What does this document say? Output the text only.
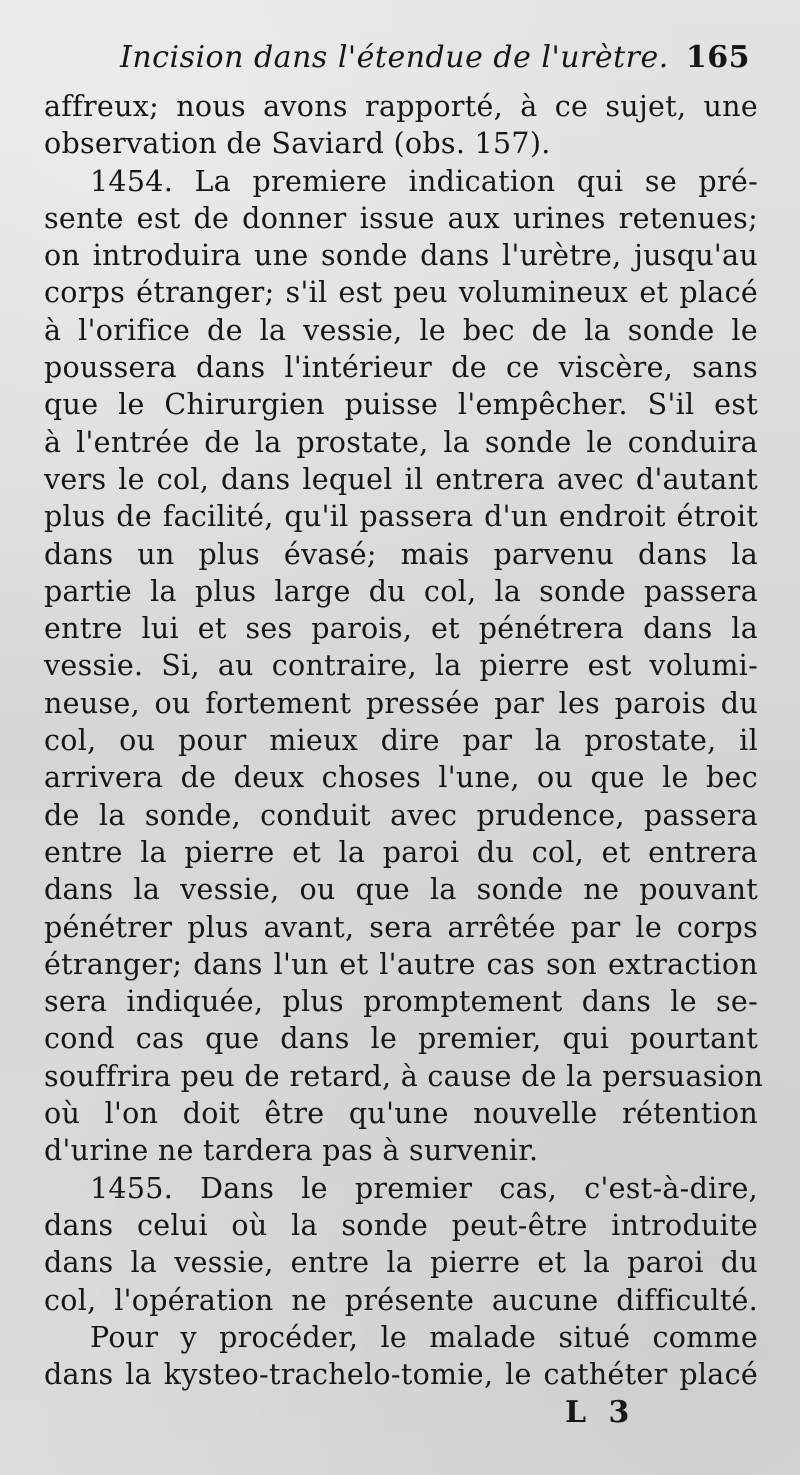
Incision dans l'étendue de l'urètre. 165
affreux; nous avons rapporté, à ce sujet, une
observation de Saviard (obs. 157).
1454. La premiere indication qui se pré-
sente est de donner issue aux urines retenues;
on introduira une sonde dans l'urètre, jusqu'au
corps étranger; s'il est peu volumineux et placé
à l'orifice de la vessie, le bec de la sonde le
poussera dans l'intérieur de ce viscère, sans
que le Chirurgien puisse l'empêcher. S'il est
à l'entrée de la prostate, la sonde le conduira
vers le col, dans lequel il entrera avec d'autant
plus de facilité, qu'il passera d'un endroit étroit
dans un plus évasé; mais parvenu dans la
partie la plus large du col, la sonde passera
entre lui et ses parois, et pénétrera dans la
vessie. Si, au contraire, la pierre est volumi-
neuse, ou fortement pressée par les parois du
col, ou pour mieux dire par la prostate, il
arrivera de deux choses l'une, ou que le bec
de la sonde, conduit avec prudence, passera
entre la pierre et la paroi du col, et entrera
dans la vessie, ou que la sonde ne pouvant
pénétrer plus avant, sera arrêtée par le corps
étranger; dans l'un et l'autre cas son extraction
sera indiquée, plus promptement dans le se-
cond cas que dans le premier, qui pourtant
souffrira peu de retard, à cause de la persuasion
où l'on doit être qu'une nouvelle rétention
d'urine ne tardera pas à survenir.
1455. Dans le premier cas, c'est-à-dire,
dans celui où la sonde peut-être introduite
dans la vessie, entre la pierre et la paroi du
col, l'opération ne présente aucune difficulté.
Pour y procéder, le malade situé comme
dans la kysteo-trachelo-tomie, le cathéter placé
L 3
